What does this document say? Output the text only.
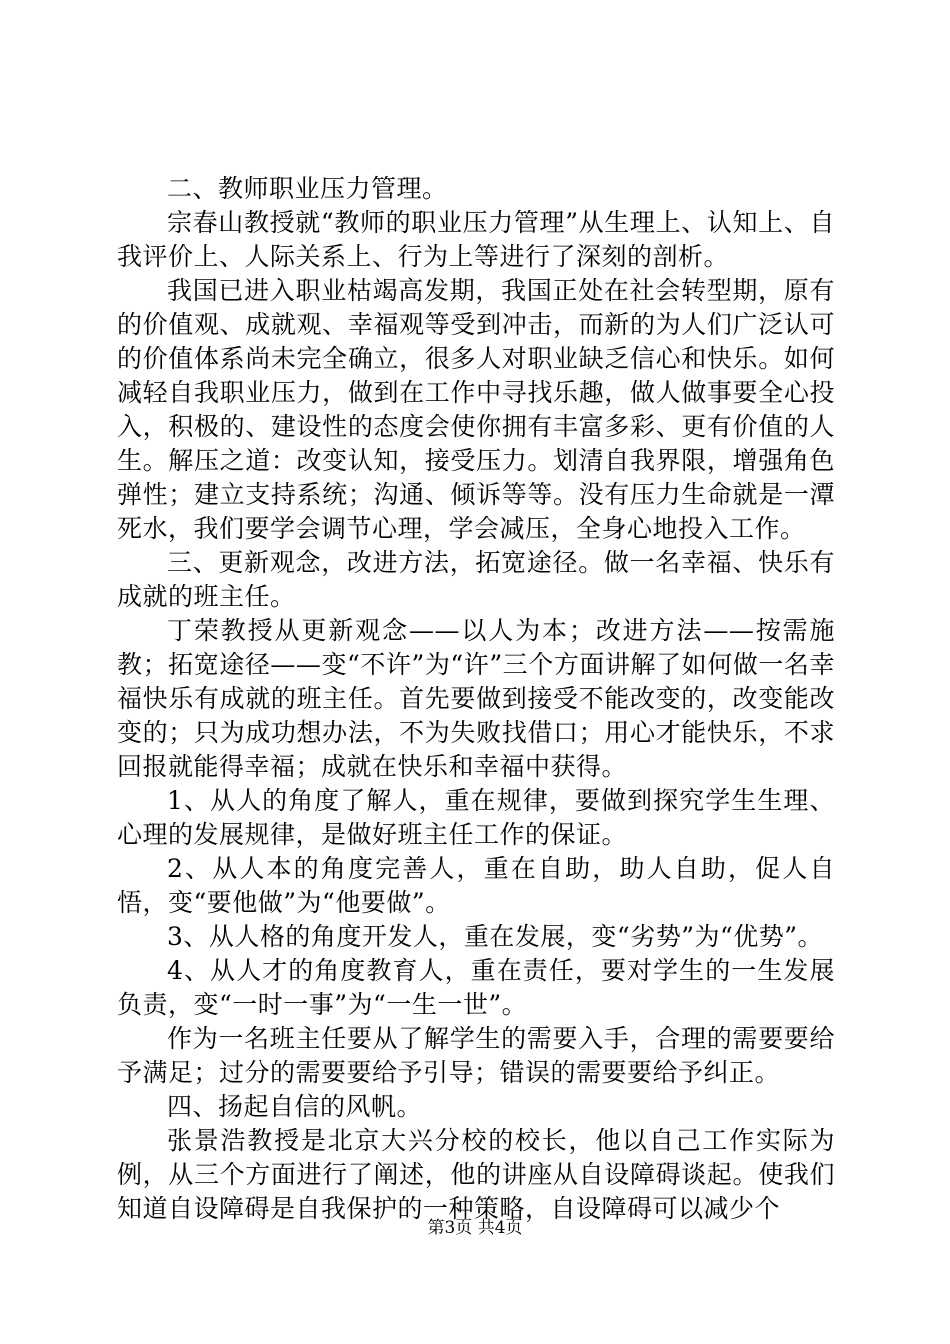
二、教师职业压力管理。

宗春山教授就“教师的职业压力管理”从生理上、认知上、自我评价上、人际关系上、行为上等进行了深刻的剖析。

我国已进入职业枯竭高发期，我国正处在社会转型期，原有的价值观、成就观、幸福观等受到冲击，而新的为人们广泛认可的价值体系尚未完全确立，很多人对职业缺乏信心和快乐。如何减轻自我职业压力，做到在工作中寻找乐趣，做人做事要全心投入，积极的、建设性的态度会使你拥有丰富多彩、更有价值的人生。解压之道：改变认知，接受压力。划清自我界限，增强角色弹性；建立支持系统；沟通、倾诉等等。没有压力生命就是一潭死水，我们要学会调节心理，学会减压，全身心地投入工作。

三、更新观念，改进方法，拓宽途径。做一名幸福、快乐有成就的班主任。

丁荣教授从更新观念——以人为本；改进方法——按需施教；拓宽途径——变“不许”为“许”三个方面讲解了如何做一名幸福快乐有成就的班主任。首先要做到接受不能改变的，改变能改变的；只为成功想办法，不为失败找借口；用心才能快乐，不求回报就能得幸福；成就在快乐和幸福中获得。

1、从人的角度了解人，重在规律，要做到探究学生生理、心理的发展规律，是做好班主任工作的保证。

2、从人本的角度完善人，重在自助，助人自助，促人自悟，变“要他做”为“他要做”。

3、从人格的角度开发人，重在发展，变“劣势”为“优势”。

4、从人才的角度教育人，重在责任，要对学生的一生发展负责，变“一时一事”为“一生一世”。

作为一名班主任要从了解学生的需要入手，合理的需要要给予满足；过分的需要要给予引导；错误的需要要给予纠正。

四、扬起自信的风帆。

张景浩教授是北京大兴分校的校长，他以自己工作实际为例，从三个方面进行了阐述，他的讲座从自设障碍谈起。使我们知道自设障碍是自我保护的一种策略，自设障碍可以减少个

第3页 共4页
